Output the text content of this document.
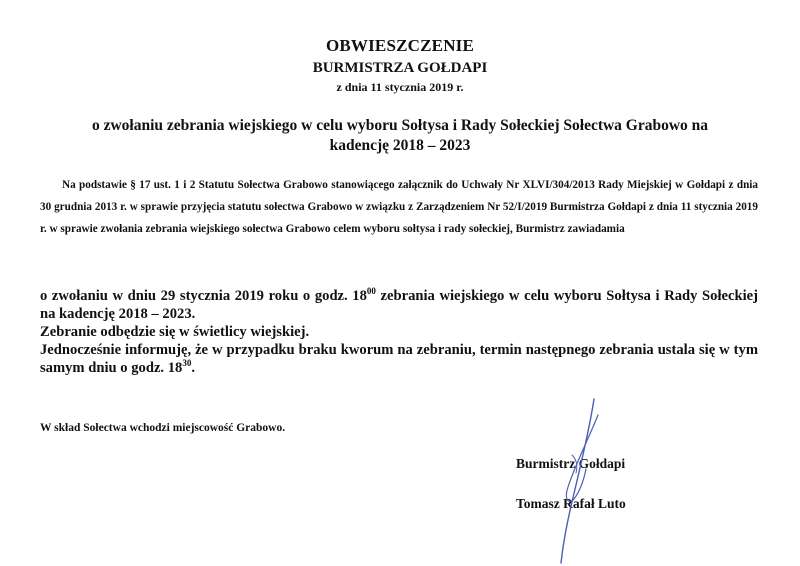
OBWIESZCZENIE
BURMISTRZA GOŁDAPI
z dnia 11 stycznia 2019 r.
o zwołaniu zebrania wiejskiego w celu wyboru Sołtysa i Rady Sołeckiej Sołectwa Grabowo na
kadencję 2018 – 2023

Na podstawie § 17 ust. 1 i 2 Statutu Sołectwa Grabowo stanowiącego załącznik do Uchwały Nr XLVI/304/2013 Rady Miejskiej w Gołdapi z dnia 30 grudnia 2013 r. w sprawie przyjęcia statutu sołectwa Grabowo w związku z Zarządzeniem Nr 52/I/2019 Burmistrza Gołdapi z dnia 11 stycznia 2019 r. w sprawie zwołania zebrania wiejskiego sołectwa Grabowo celem wyboru sołtysa i rady sołeckiej, Burmistrz zawiadamia

o zwołaniu w dniu 29 stycznia 2019 roku o godz. $18^{00}$ zebrania wiejskiego w celu wyboru Sołtysa i Rady Sołeckiej na kadencję 2018 – 2023.

Zebranie odbędzie się w świetlicy wiejskiej.

Jednocześnie informuję, że w przypadku braku kworum na zebraniu, termin następnego zebrania ustala się w tym samym dniu o godz. $18^{30}$.

W skład Sołectwa wchodzi miejscowość Grabowo.
Burmistrz Gołdapi
Tomasz Rafał Luto
